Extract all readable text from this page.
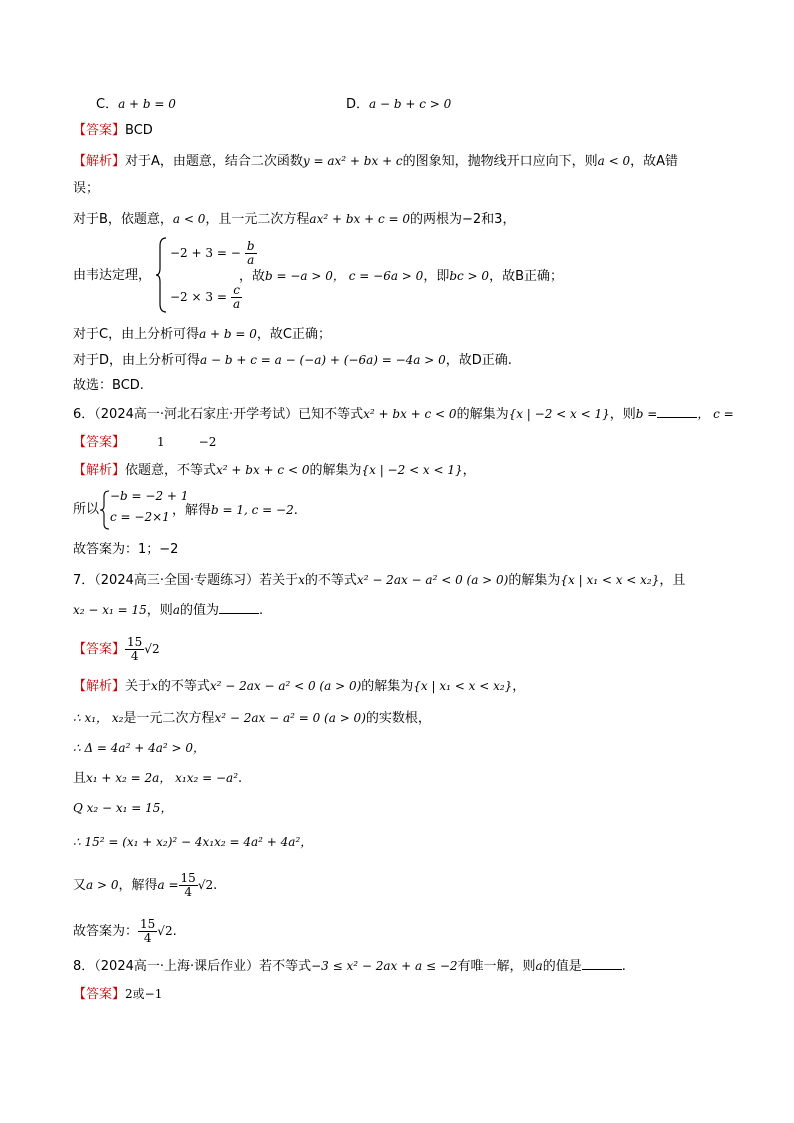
C．a + b = 0	D．a − b + c > 0
【答案】BCD
【解析】对于A，由题意，结合二次函数y = ax² + bx + c的图象知，抛物线开口应向下，则a < 0，故A错
误；
对于B，依题意，a < 0，且一元二次方程ax² + bx + c = 0的两根为−2和3，
由韦达定理，
−2 + 3 = − $\frac{b}{a}$
$-2 \times 3 = \frac{c}{a}$
，故b = −a > 0， c = −6a > 0，即bc > 0，故B正确；
对于C，由上分析可得a + b = 0，故C正确；
对于D，由上分析可得a − b + c = a − (−a) + (−6a) = −4a > 0，故D正确.
故选：BCD.
6．（2024高一·河北石家庄·开学考试）已知不等式x² + bx + c < 0的解集为{x | −2 < x < 1}，则b =	， c =
【答案】	1	−2
【解析】依题意，不等式x² + bx + c < 0的解集为{x | −2 < x < 1}，
所以
−b = −2 + 1
c = −2×1 ，解得b = 1, c = −2.
故答案为：1；−2
7．（2024高三·全国·专题练习）若关于x的不等式x² − 2ax − a² < 0 (a > 0)的解集为{x | x₁ < x < x₂}，且
x₂ − x₁ = 15，则a的值为	.
【答案】 $\frac{15}{4} √2$
【解析】关于x的不等式x² − 2ax − a² < 0 (a > 0)的解集为{x | x₁ < x < x₂}，
∴ x₁， x₂是一元二次方程x² − 2ax − a² = 0 (a > 0)的实数根，
∴ Δ = 4a² + 4a² > 0，
且x₁ + x₂ = 2a， x₁x₂ = −a².
Q x₂ − x₁ = 15，
∴ 15² = (x₁ + x₂)² − 4x₁x₂ = 4a² + 4a²，
又a > 0，解得$a = \frac{15}{4} √2$.
故答案为： $\frac{15}{4} √2$.
8．（2024高一·上海·课后作业）若不等式−3 ≤ x² − 2ax + a ≤ −2有唯一解，则a的值是	.
【答案】2或−1
